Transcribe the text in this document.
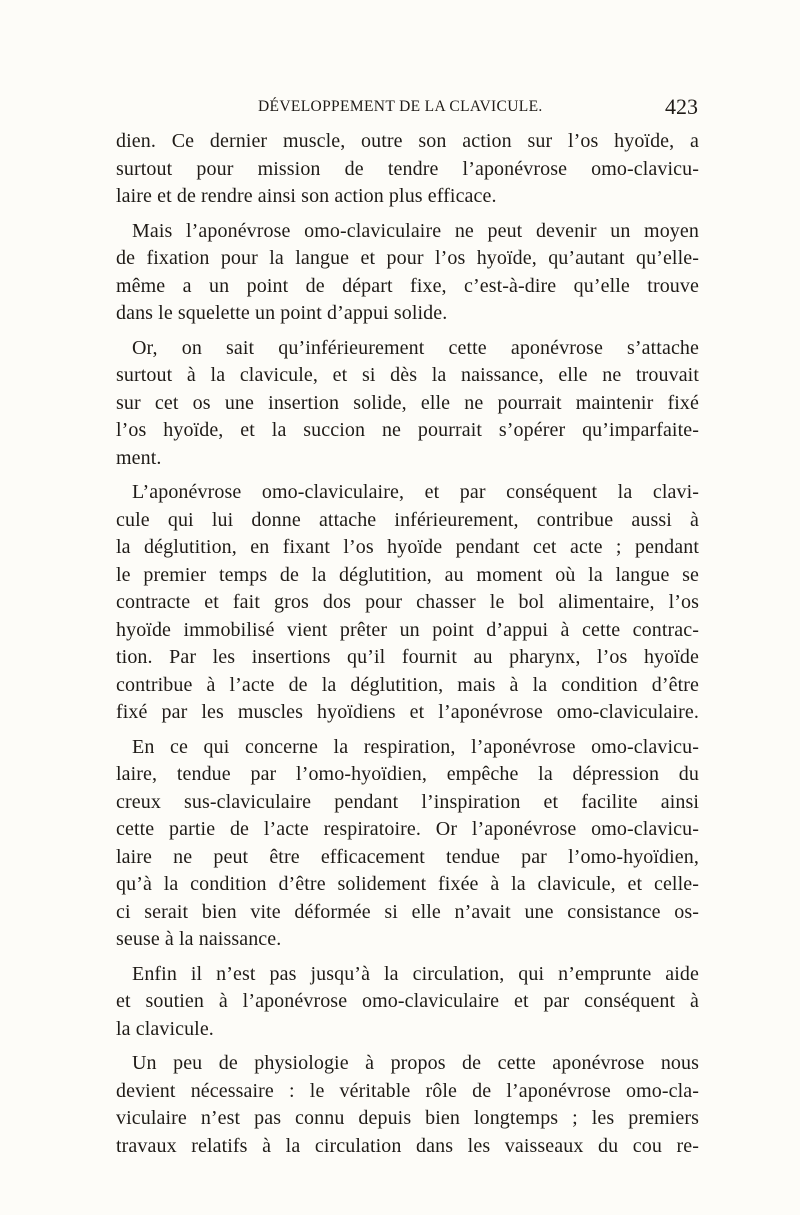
DÉVELOPPEMENT DE LA CLAVICULE.	423

dien. Ce dernier muscle, outre son action sur l’os hyoïde, a
surtout pour mission de tendre l’aponévrose omo-clavicu-
laire et de rendre ainsi son action plus efficace.

Mais l’aponévrose omo-claviculaire ne peut devenir un moyen
de fixation pour la langue et pour l’os hyoïde, qu’autant qu’elle-
même a un point de départ fixe, c’est-à-dire qu’elle trouve
dans le squelette un point d’appui solide.

Or, on sait qu’inférieurement cette aponévrose s’attache
surtout à la clavicule, et si dès la naissance, elle ne trouvait
sur cet os une insertion solide, elle ne pourrait maintenir fixé
l’os hyoïde, et la succion ne pourrait s’opérer qu’imparfaite-
ment.

L’aponévrose omo-claviculaire, et par conséquent la clavi-
cule qui lui donne attache inférieurement, contribue aussi à
la déglutition, en fixant l’os hyoïde pendant cet acte ; pendant
le premier temps de la déglutition, au moment où la langue se
contracte et fait gros dos pour chasser le bol alimentaire, l’os
hyoïde immobilisé vient prêter un point d’appui à cette contrac-
tion. Par les insertions qu’il fournit au pharynx, l’os hyoïde
contribue à l’acte de la déglutition, mais à la condition d’être
fixé par les muscles hyoïdiens et l’aponévrose omo-claviculaire.

En ce qui concerne la respiration, l’aponévrose omo-clavicu-
laire, tendue par l’omo-hyoïdien, empêche la dépression du
creux sus-claviculaire pendant l’inspiration et facilite ainsi
cette partie de l’acte respiratoire. Or l’aponévrose omo-clavicu-
laire ne peut être efficacement tendue par l’omo-hyoïdien,
qu’à la condition d’être solidement fixée à la clavicule, et celle-
ci serait bien vite déformée si elle n’avait une consistance os-
seuse à la naissance.

Enfin il n’est pas jusqu’à la circulation, qui n’emprunte aide
et soutien à l’aponévrose omo-claviculaire et par conséquent à
la clavicule.

Un peu de physiologie à propos de cette aponévrose nous
devient nécessaire : le véritable rôle de l’aponévrose omo-cla-
viculaire n’est pas connu depuis bien longtemps ; les premiers
travaux relatifs à la circulation dans les vaisseaux du cou re-
